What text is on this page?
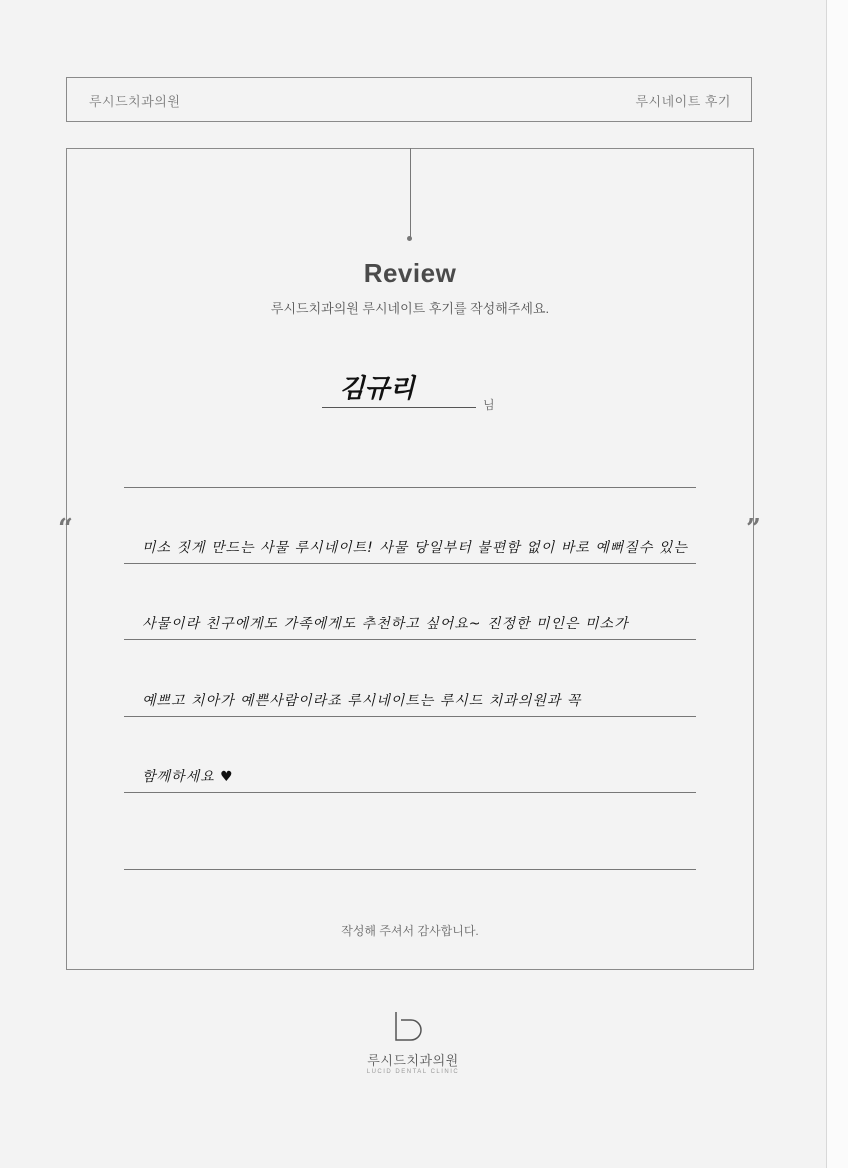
루시드치과의원	루시네이트 후기
Review
루시드치과의원 루시네이트 후기를 작성해주세요.
김규리
님
“	”
미소 짓게 만드는 사물 루시네이트! 사물 당일부터 불편함 없이 바로 예뻐질수 있는
사물이라 친구에게도 가족에게도 추천하고 싶어요~ 진정한 미인은 미소가
예쁘고 치아가 예쁜사람이라죠 루시네이트는 루시드 치과의원과 꼭
함께하세요 ♥
작성해 주셔서 감사합니다.
루시드치과의원
LUCID DENTAL CLINIC
